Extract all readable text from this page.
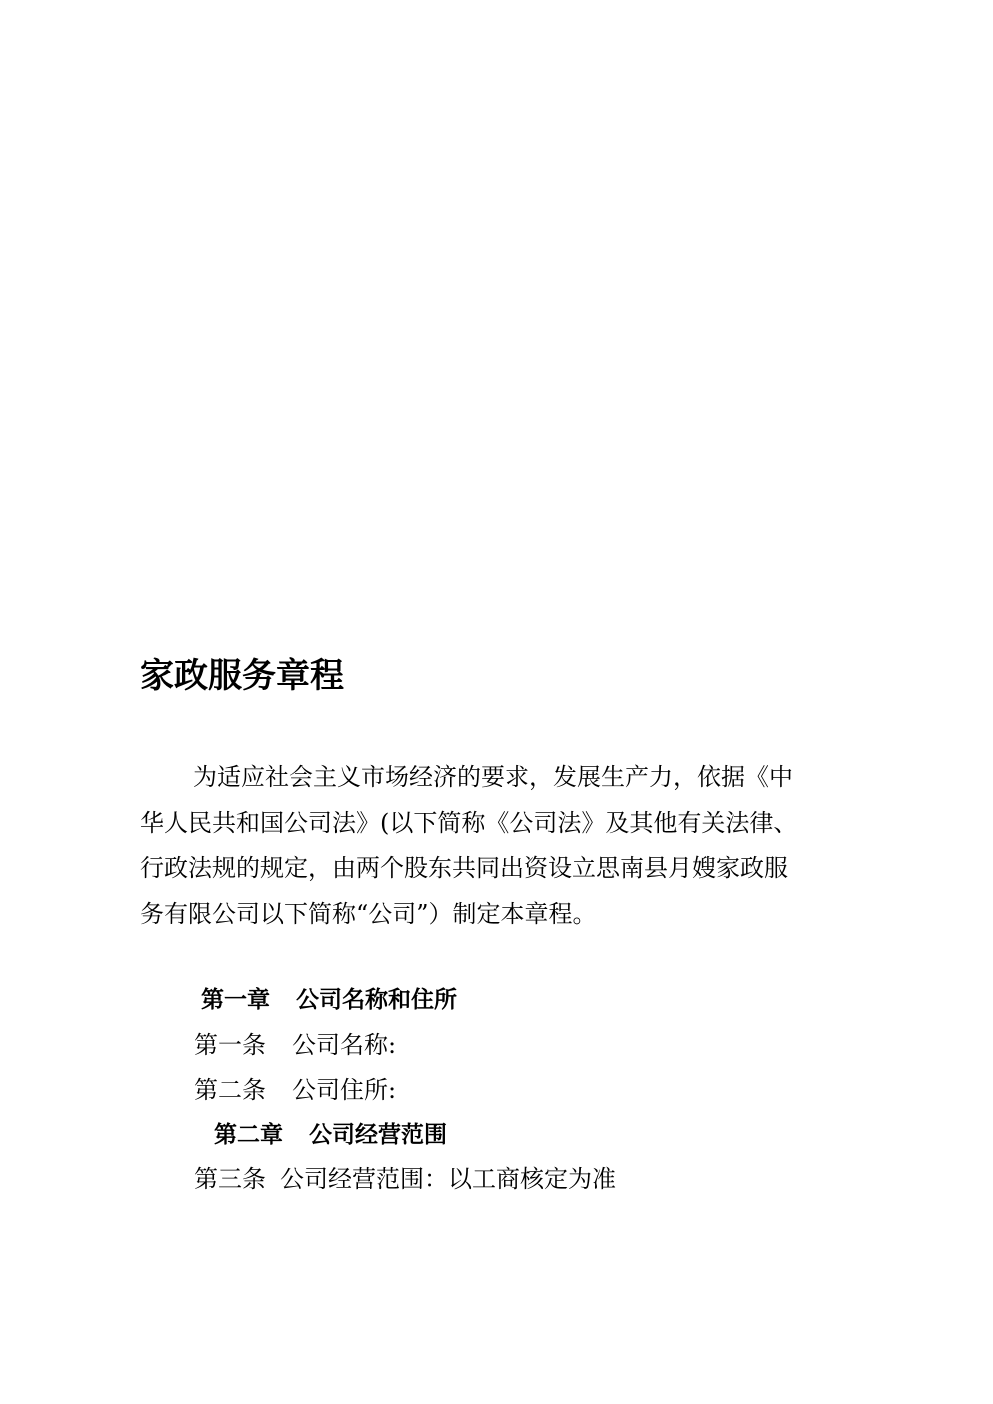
家政服务章程
为适应社会主义市场经济的要求，发展生产力，依据《中
华人民共和国公司法》(以下简称《公司法》及其他有关法律、
行政法规的规定，由两个股东共同出资设立思南县月嫂家政服
务有限公司以下简称“公司”）制定本章程。
第一章 公司名称和住所
第一条 公司名称:
第二条 公司住所:
第二章 公司经营范围
第三条 公司经营范围：以工商核定为准
